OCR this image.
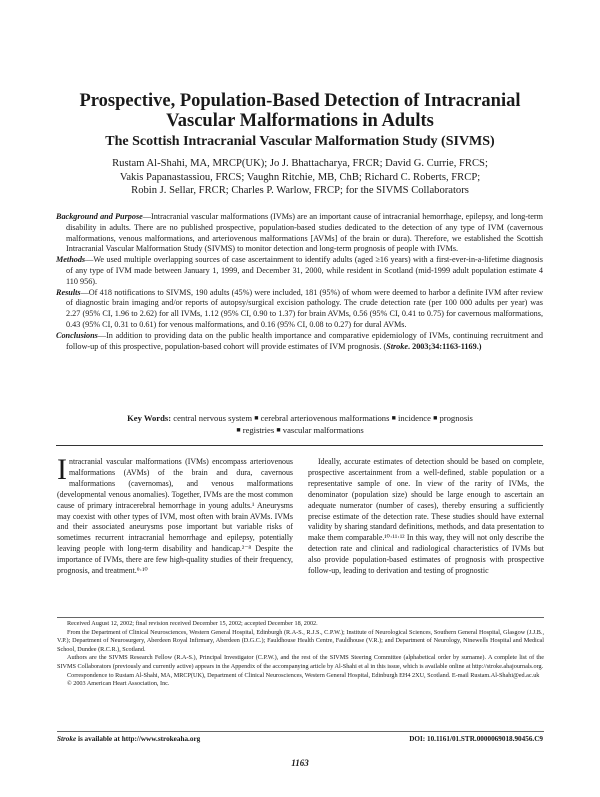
Prospective, Population-Based Detection of Intracranial
Vascular Malformations in Adults
The Scottish Intracranial Vascular Malformation Study (SIVMS)
Rustam Al-Shahi, MA, MRCP(UK); Jo J. Bhattacharya, FRCR; David G. Currie, FRCS;
Vakis Papanastassiou, FRCS; Vaughn Ritchie, MB, ChB; Richard C. Roberts, FRCP;
Robin J. Sellar, FRCR; Charles P. Warlow, FRCP; for the SIVMS Collaborators

Background and Purpose—Intracranial vascular malformations (IVMs) are an important cause of intracranial hemorrhage, epilepsy, and long-term disability in adults. There are no published prospective, population-based studies dedicated to the detection of any type of IVM (cavernous malformations, venous malformations, and arteriovenous malformations [AVMs] of the brain or dura). Therefore, we established the Scottish Intracranial Vascular Malformation Study (SIVMS) to monitor detection and long-term prognosis of people with IVMs.

Methods—We used multiple overlapping sources of case ascertainment to identify adults (aged ≥16 years) with a first-ever-in-a-lifetime diagnosis of any type of IVM made between January 1, 1999, and December 31, 2000, while resident in Scotland (mid-1999 adult population estimate 4 110 956).

Results—Of 418 notifications to SIVMS, 190 adults (45%) were included, 181 (95%) of whom were deemed to harbor a definite IVM after review of diagnostic brain imaging and/or reports of autopsy/surgical excision pathology. The crude detection rate (per 100 000 adults per year) was 2.27 (95% CI, 1.96 to 2.62) for all IVMs, 1.12 (95% CI, 0.90 to 1.37) for brain AVMs, 0.56 (95% CI, 0.41 to 0.75) for cavernous malformations, 0.43 (95% CI, 0.31 to 0.61) for venous malformations, and 0.16 (95% CI, 0.08 to 0.27) for dural AVMs.

Conclusions—In addition to providing data on the public health importance and comparative epidemiology of IVMs, continuing recruitment and follow-up of this prospective, population-based cohort will provide estimates of IVM prognosis. (Stroke. 2003;34:1163-1169.)

Key Words: central nervous system ■ cerebral arteriovenous malformations ■ incidence ■ prognosis
■ registries ■ vascular malformations

Intracranial vascular malformations (IVMs) encompass arteriovenous malformations (AVMs) of the brain and dura, cavernous malformations (cavernomas), and venous malformations (developmental venous anomalies). Together, IVMs are the most common cause of primary intracerebral hemorrhage in young adults.¹ Aneurysms may coexist with other types of IVM, most often with brain AVMs. IVMs and their associated aneurysms pose important but variable risks of sometimes recurrent intracranial hemorrhage and epilepsy, potentially leaving people with long-term disability and handicap.²⁻⁸ Despite the importance of IVMs, there are few high-quality studies of their frequency, prognosis, and treatment.⁹·¹⁰

Ideally, accurate estimates of detection should be based on complete, prospective ascertainment from a well-defined, stable population or a representative sample of one. In view of the rarity of IVMs, the denominator (population size) should be large enough to ascertain an adequate numerator (number of cases), thereby ensuring a sufficiently precise estimate of the detection rate. These studies should have external validity by sharing standard definitions, methods, and data presentation to make them comparable.¹⁰·¹¹·¹² In this way, they will not only describe the detection rate and clinical and radiological characteristics of IVMs but also provide population-based estimates of prognosis with prospective follow-up, leading to derivation and testing of prognostic

Received August 12, 2002; final revision received December 15, 2002; accepted December 18, 2002.

From the Department of Clinical Neurosciences, Western General Hospital, Edinburgh (R.A-S., R.J.S., C.P.W.); Institute of Neurological Sciences, Southern General Hospital, Glasgow (J.J.B., V.P.); Department of Neurosurgery, Aberdeen Royal Infirmary, Aberdeen (D.G.C.); Fauldhouse Health Centre, Fauldhouse (V.R.); and Department of Neurology, Ninewells Hospital and Medical School, Dundee (R.C.R.), Scotland.

Authors are the SIVMS Research Fellow (R.A-S.), Principal Investigator (C.P.W.), and the rest of the SIVMS Steering Committee (alphabetical order by surname). A complete list of the SIVMS Collaborators (previously and currently active) appears in the Appendix of the accompanying article by Al-Shahi et al in this issue, which is available online at http://stroke.ahajournals.org.

Correspondence to Rustam Al-Shahi, MA, MRCP(UK), Department of Clinical Neurosciences, Western General Hospital, Edinburgh EH4 2XU, Scotland. E-mail Rustam.Al-Shahi@ed.ac.uk

© 2003 American Heart Association, Inc.

Stroke is available at http://www.strokeaha.org	DOI: 10.1161/01.STR.0000069018.90456.C9
1163
